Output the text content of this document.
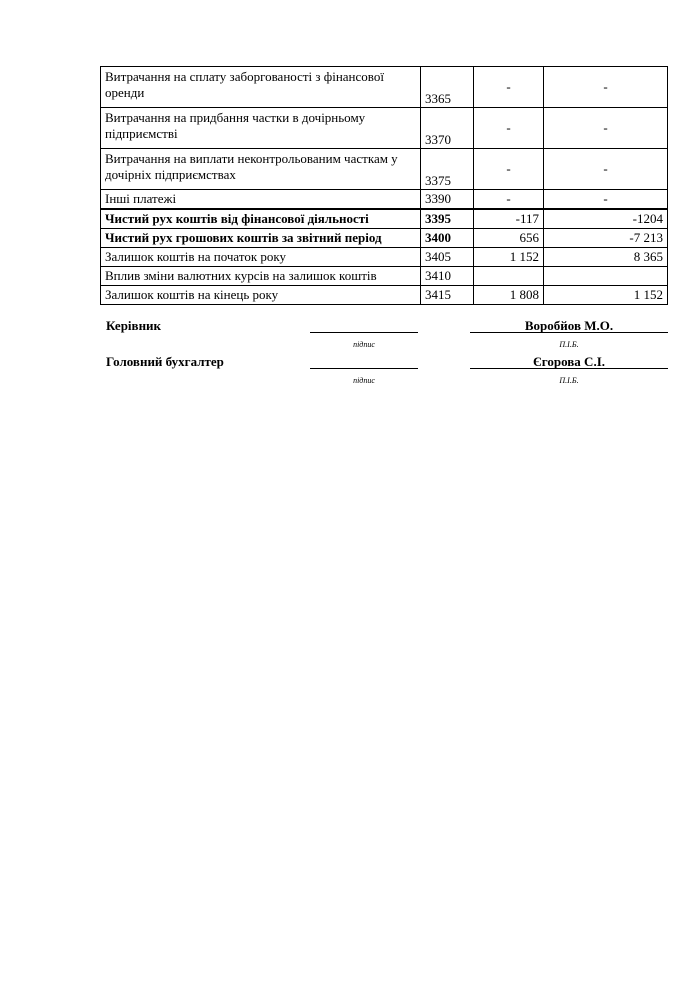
Витрачання на сплату заборгованості з фінансової оренди	3365	-	-
Витрачання на придбання частки в дочірньому підприємстві	3370	-	-
Витрачання на виплати неконтрольованим часткам у дочірніх підприємствах	3375	-	-
Інші платежі	3390	-	-
Чистий рух коштів від фінансової діяльності	3395	-117	-1204
Чистий рух грошових коштів за звітний період	3400	656	-7 213
Залишок коштів на початок року	3405	1 152	8 365
Вплив зміни валютних курсів на залишок коштів	3410		
Залишок коштів на кінець року	3415	1 808	1 152
Керівник
підпис
Воробйов М.О.
П.І.Б.
Головний бухгалтер
підпис
Єгорова С.І.
П.І.Б.
